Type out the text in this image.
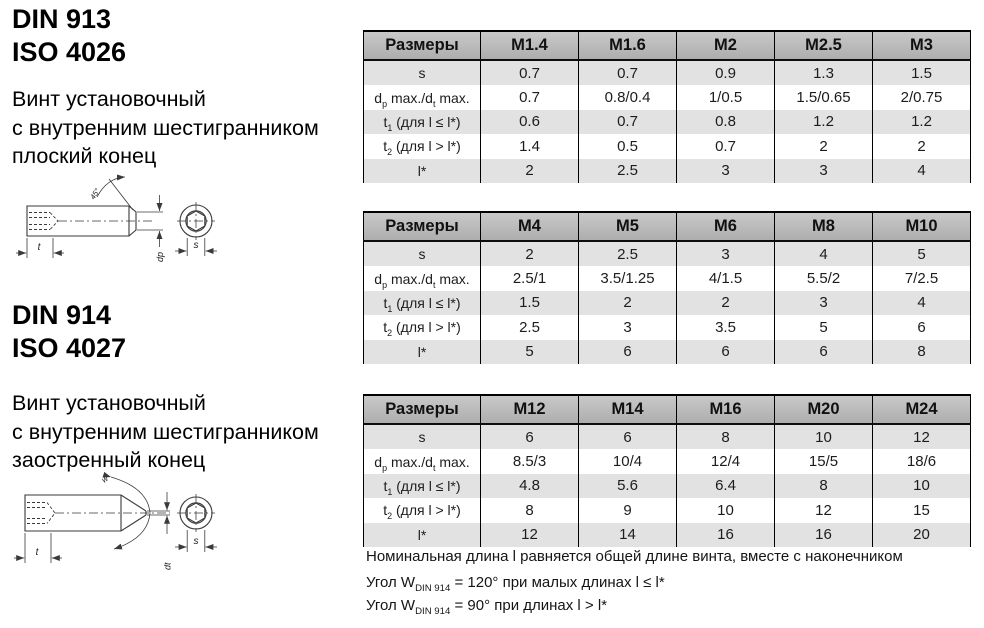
DIN 913
ISO 4026
Винт установочный
с внутренним шестигранником
плоский конец
45°
t
dp
s
DIN 914
ISO 4027
Винт установочный
с внутренним шестигранником
заостренный конец
w
t
dt
s
Размеры	M1.4	M1.6	M2	M2.5	M3
s	0.7	0.7	0.9	1.3	1.5
$d_p$ $\max./d_t$ max.	0.7	0.8/0.4	1/0.5	1.5/0.65	2/0.75
$t_1$ (для l ≤ l*)	0.6	0.7	0.8	1.2	1.2
$t_2$ (для l > l*)	1.4	0.5	0.7	2	2
l*	2	2.5	3	3	4
Размеры	M4	M5	M6	M8	M10
s	2	2.5	3	4	5
$d_p$ $\max./d_t$ max.	2.5/1	3.5/1.25	4/1.5	5.5/2	7/2.5
$t_1$ (для l ≤ l*)	1.5	2	2	3	4
$t_2$ (для l > l*)	2.5	3	3.5	5	6
l*	5	6	6	6	8
Размеры	M12	M14	M16	M20	M24
s	6	6	8	10	12
$d_p$ $\max./d_t$ max.	8.5/3	10/4	12/4	15/5	18/6
$t_1$ (для l ≤ l*)	4.8	5.6	6.4	8	10
$t_2$ (для l > l*)	8	9	10	12	15
l*	12	14	16	16	20
Номинальная длина l равняется общей длине винта, вместе с наконечником
Угол $W_{DIN 914} = 120^\circ$ при малых длинах l ≤ l*
Угол $W_{DIN 914} = 90^\circ$ при длинах l > l*
